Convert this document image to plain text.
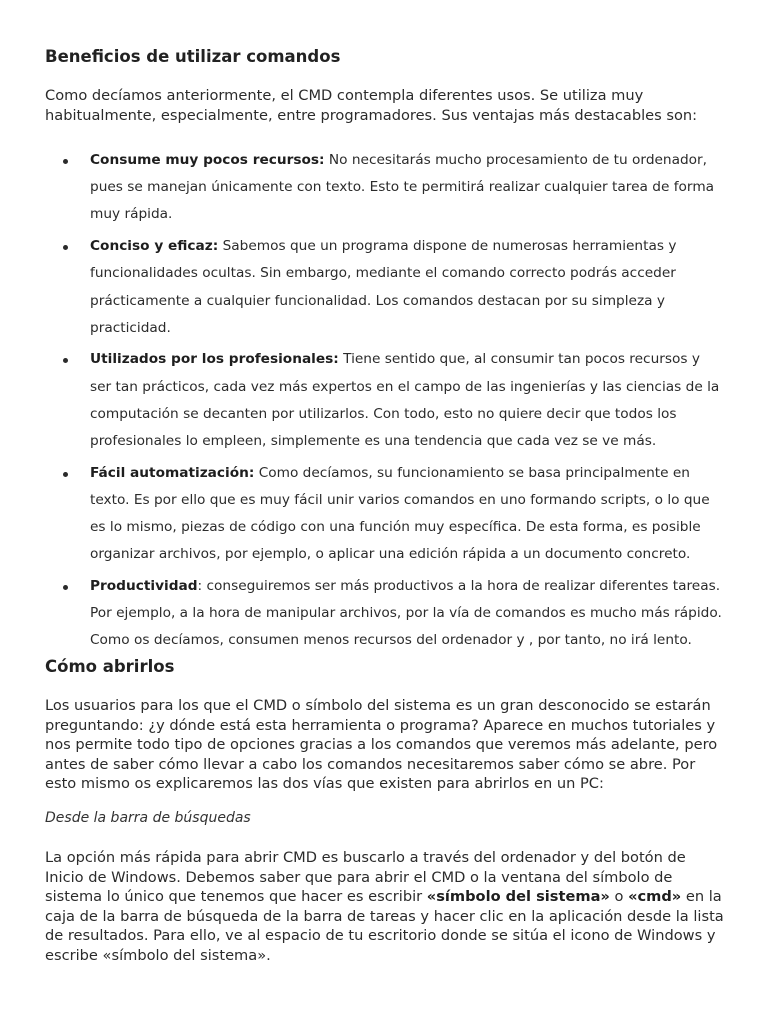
Beneficios de utilizar comandos

Como decíamos anteriormente, el CMD contempla diferentes usos. Se utiliza muy habitualmente, especialmente, entre programadores. Sus ventajas más destacables son:

Consume muy pocos recursos: No necesitarás mucho procesamiento de tu ordenador, pues se manejan únicamente con texto. Esto te permitirá realizar cualquier tarea de forma muy rápida.
Conciso y eficaz: Sabemos que un programa dispone de numerosas herramientas y funcionalidades ocultas. Sin embargo, mediante el comando correcto podrás acceder prácticamente a cualquier funcionalidad. Los comandos destacan por su simpleza y practicidad.
Utilizados por los profesionales: Tiene sentido que, al consumir tan pocos recursos y ser tan prácticos, cada vez más expertos en el campo de las ingenierías y las ciencias de la computación se decanten por utilizarlos. Con todo, esto no quiere decir que todos los profesionales lo empleen, simplemente es una tendencia que cada vez se ve más.
Fácil automatización: Como decíamos, su funcionamiento se basa principalmente en texto. Es por ello que es muy fácil unir varios comandos en uno formando scripts, o lo que es lo mismo, piezas de código con una función muy específica. De esta forma, es posible organizar archivos, por ejemplo, o aplicar una edición rápida a un documento concreto.
Productividad: conseguiremos ser más productivos a la hora de realizar diferentes tareas. Por ejemplo, a la hora de manipular archivos, por la vía de comandos es mucho más rápido. Como os decíamos, consumen menos recursos del ordenador y , por tanto, no irá lento.
Cómo abrirlos

Los usuarios para los que el CMD o símbolo del sistema es un gran desconocido se estarán preguntando: ¿y dónde está esta herramienta o programa? Aparece en muchos tutoriales y nos permite todo tipo de opciones gracias a los comandos que veremos más adelante, pero antes de saber cómo llevar a cabo los comandos necesitaremos saber cómo se abre. Por esto mismo os explicaremos las dos vías que existen para abrirlos en un PC:

Desde la barra de búsquedas

La opción más rápida para abrir CMD es buscarlo a través del ordenador y del botón de Inicio de Windows. Debemos saber que para abrir el CMD o la ventana del símbolo de sistema lo único que tenemos que hacer es escribir «símbolo del sistema» o «cmd» en la caja de la barra de búsqueda de la barra de tareas y hacer clic en la aplicación desde la lista de resultados. Para ello, ve al espacio de tu escritorio donde se sitúa el icono de Windows y escribe «símbolo del sistema».
